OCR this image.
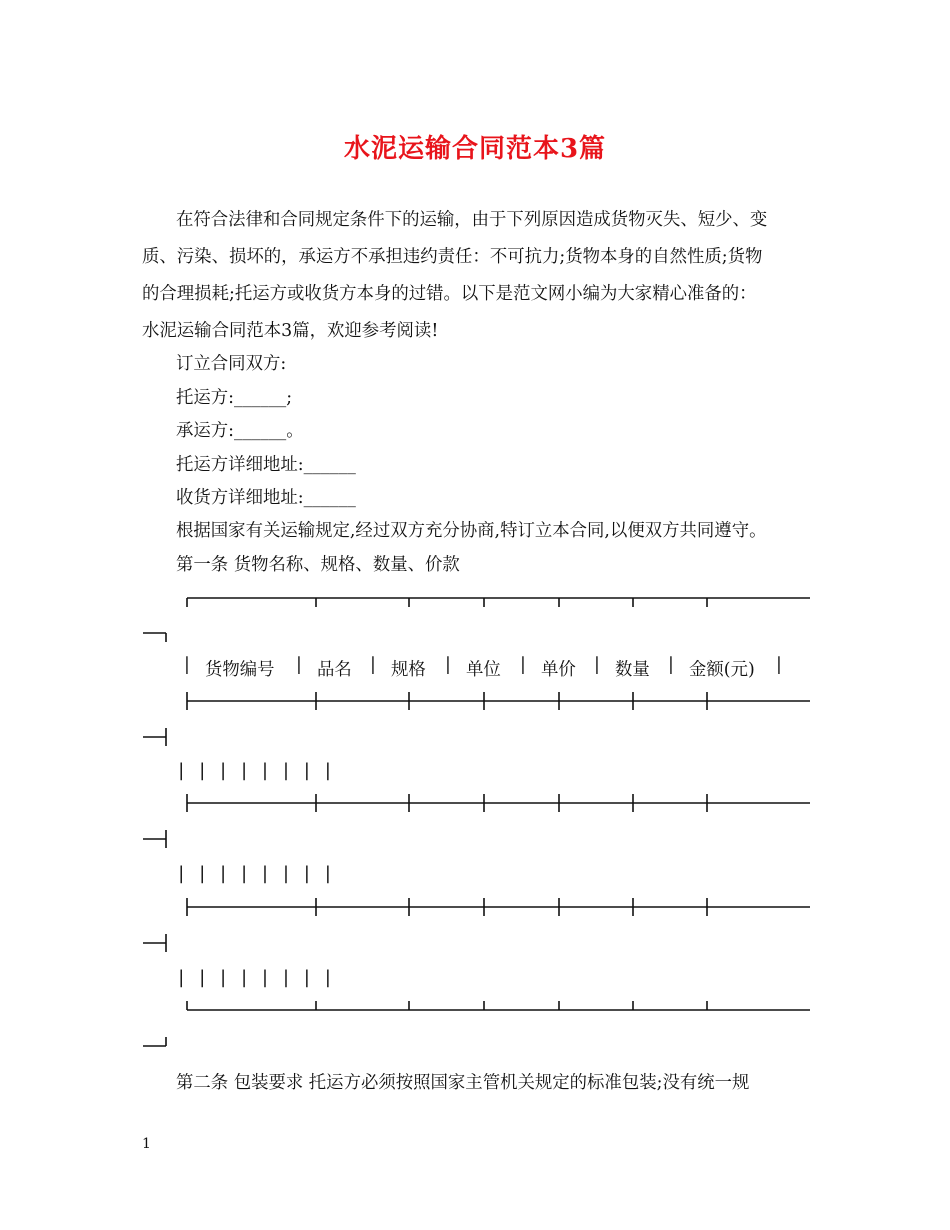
水泥运输合同范本3篇
在符合法律和合同规定条件下的运输，由于下列原因造成货物灭失、短少、变
质、污染、损坏的，承运方不承担违约责任：不可抗力;货物本身的自然性质;货物
的合理损耗;托运方或收货方本身的过错。以下是范文网小编为大家精心准备的：
水泥运输合同范本3篇，欢迎参考阅读!
订立合同双方:
托运方:______;
承运方:______。
托运方详细地址:______
收货方详细地址:______
根据国家有关运输规定,经过双方充分协商,特订立本合同,以便双方共同遵守。
第一条 货物名称、规格、数量、价款
| 货物编号 | 品名 | 规格 | 单位 | 单价 | 数量 | 金额(元) |
| | | | | | | |
| | | | | | | |
| | | | | | | |
第二条 包装要求 托运方必须按照国家主管机关规定的标准包装;没有统一规
1
